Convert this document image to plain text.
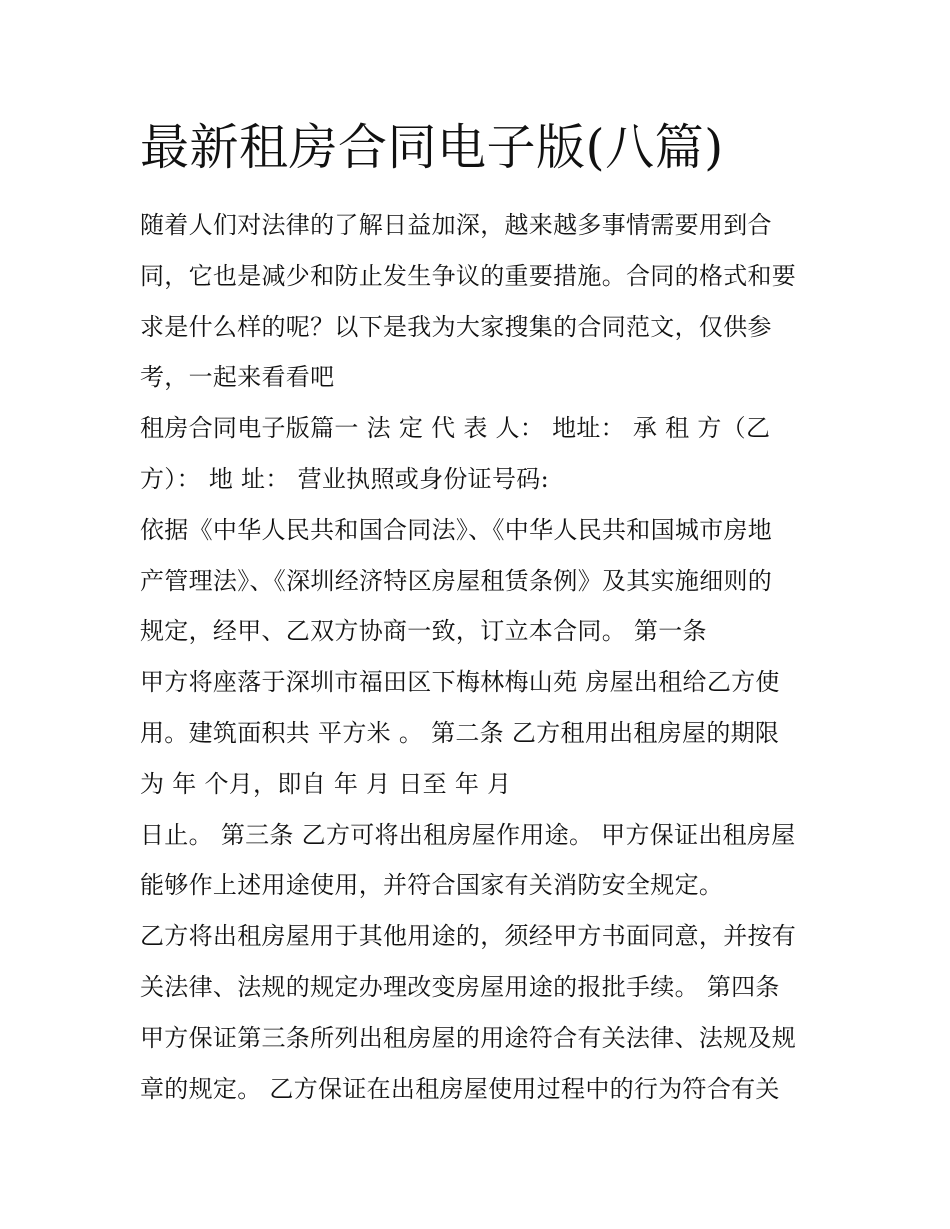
最新租房合同电子版(八篇)
随着人们对法律的了解日益加深，越来越多事情需要用到合
同，它也是减少和防止发生争议的重要措施。合同的格式和要
求是什么样的呢？以下是我为大家搜集的合同范文，仅供参
考，一起来看看吧
租房合同电子版篇一 法 定 代 表 人： 地址： 承 租 方（乙
方）： 地 址： 营业执照或身份证号码:
依据《中华人民共和国合同法》、《中华人民共和国城市房地
产管理法》、《深圳经济特区房屋租赁条例》及其实施细则的
规定，经甲、乙双方协商一致，订立本合同。 第一条
甲方将座落于深圳市福田区下梅林梅山苑 房屋出租给乙方使
用。建筑面积共 平方米 。 第二条 乙方租用出租房屋的期限
为 年 个月，即自 年 月 日至 年 月
日止。 第三条 乙方可将出租房屋作用途。 甲方保证出租房屋
能够作上述用途使用，并符合国家有关消防安全规定。
乙方将出租房屋用于其他用途的，须经甲方书面同意，并按有
关法律、法规的规定办理改变房屋用途的报批手续。 第四条
甲方保证第三条所列出租房屋的用途符合有关法律、法规及规
章的规定。 乙方保证在出租房屋使用过程中的行为符合有关
